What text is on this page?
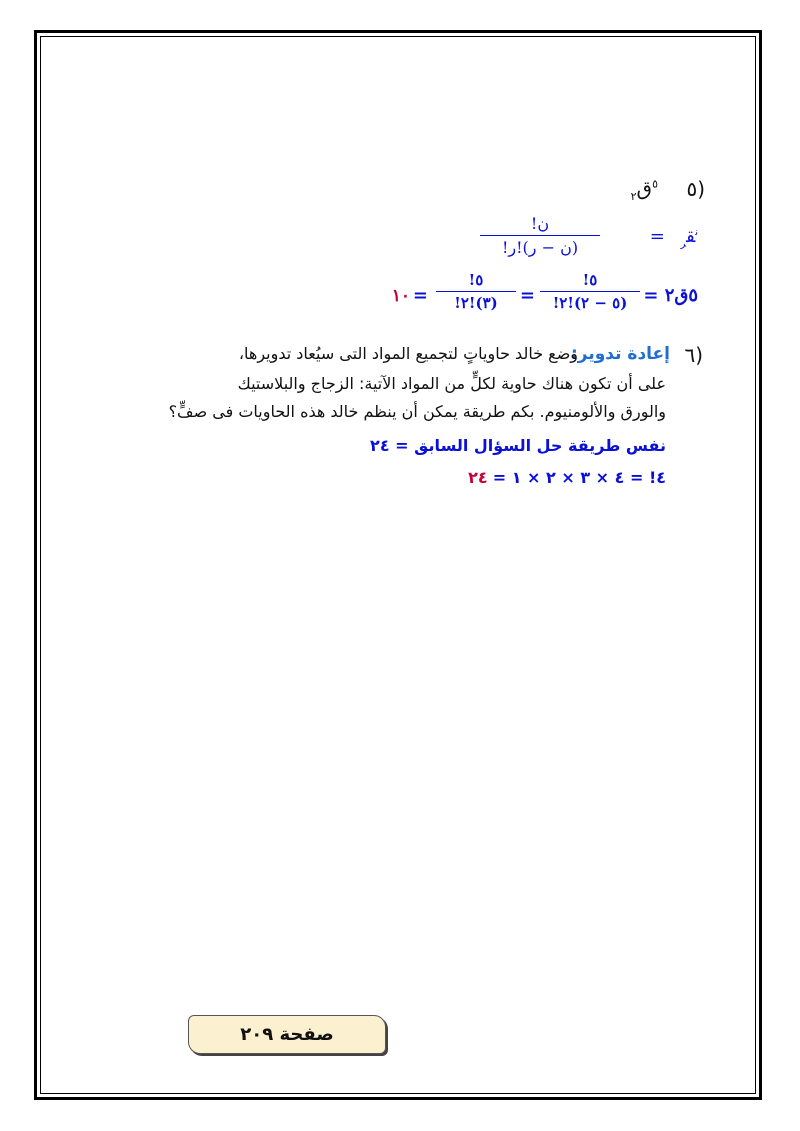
(٥
$^٥$ق$_٢$
$^ن$ق$_ر$ =
ن!
(ن − ر)!ر!
٥ق٢ =
٥!
(٥ − ٢)!٢!
=
٥!
(٣)!٢!
=
١٠
(٦
إعادة تدوير:
وضع خالد حاوياتٍ لتجميع المواد التى سيُعاد تدويرها،
على أن تكون هناك حاوية لكلٍّ من المواد الآتية: الزجاج والبلاستيك
والورق والألومنيوم. بكم طريقة يمكن أن ينظم خالد هذه الحاويات فى صفٍّ؟
نفس طريقة حل السؤال السابق = ٢٤
٤! = ٤ × ٣ × ٢ × ١ = ٢٤
صفحة ٢٠٩
